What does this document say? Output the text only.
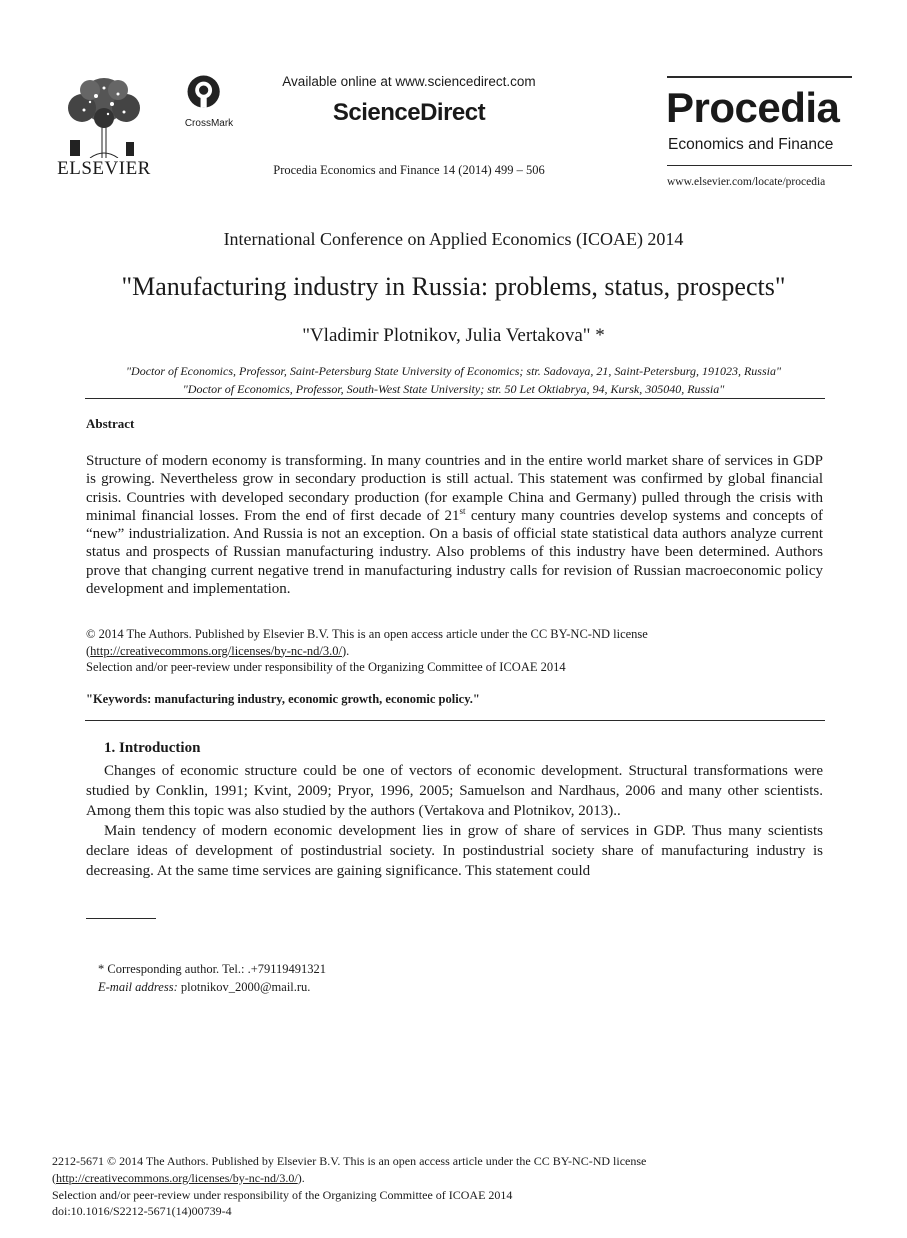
ELSEVIER
CrossMark
Available online at www.sciencedirect.com
ScienceDirect
Procedia Economics and Finance 14 (2014) 499 – 506
Procedia
Economics and Finance
www.elsevier.com/locate/procedia
International Conference on Applied Economics (ICOAE) 2014
"Manufacturing industry in Russia: problems, status, prospects"
"Vladimir Plotnikov, Julia Vertakova" *
"Doctor of Economics, Professor, Saint-Petersburg State University of Economics; str. Sadovaya, 21, Saint-Petersburg, 191023, Russia"
"Doctor of Economics, Professor, South-West State University; str. 50 Let Oktiabrya, 94, Kursk, 305040, Russia"
Abstract
Structure of modern economy is transforming. In many countries and in the entire world market share of services in GDP is growing. Nevertheless grow in secondary production is still actual. This statement was confirmed by global financial crisis. Countries with developed secondary production (for example China and Germany) pulled through the crisis with minimal financial losses. From the end of first decade of 21st century many countries develop systems and concepts of “new” industrialization. And Russia is not an exception. On a basis of official state statistical data authors analyze current status and prospects of Russian manufacturing industry. Also problems of this industry have been determined. Authors prove that changing current negative trend in manufacturing industry calls for revision of Russian macroeconomic policy development and implementation.
© 2014 The Authors. Published by Elsevier B.V. This is an open access article under the CC BY-NC-ND license
(http://creativecommons.org/licenses/by-nc-nd/3.0/).
Selection and/or peer-review under responsibility of the Organizing Committee of ICOAE 2014
"Keywords: manufacturing industry, economic growth, economic policy."
1. Introduction

Changes of economic structure could be one of vectors of economic development. Structural transformations were studied by Conklin, 1991; Kvint, 2009; Pryor, 1996, 2005; Samuelson and Nardhaus, 2006 and many other scientists. Among them this topic was also studied by the authors (Vertakova and Plotnikov, 2013)..

Main tendency of modern economic development lies in grow of share of services in GDP. Thus many scientists declare ideas of development of postindustrial society. In postindustrial society share of manufacturing industry is decreasing. At the same time services are gaining significance. This statement could

* Corresponding author. Tel.: .+79119491321
E-mail address: plotnikov_2000@mail.ru.
2212-5671 © 2014 The Authors. Published by Elsevier B.V. This is an open access article under the CC BY-NC-ND license
(http://creativecommons.org/licenses/by-nc-nd/3.0/).
Selection and/or peer-review under responsibility of the Organizing Committee of ICOAE 2014
doi:10.1016/S2212-5671(14)00739-4
